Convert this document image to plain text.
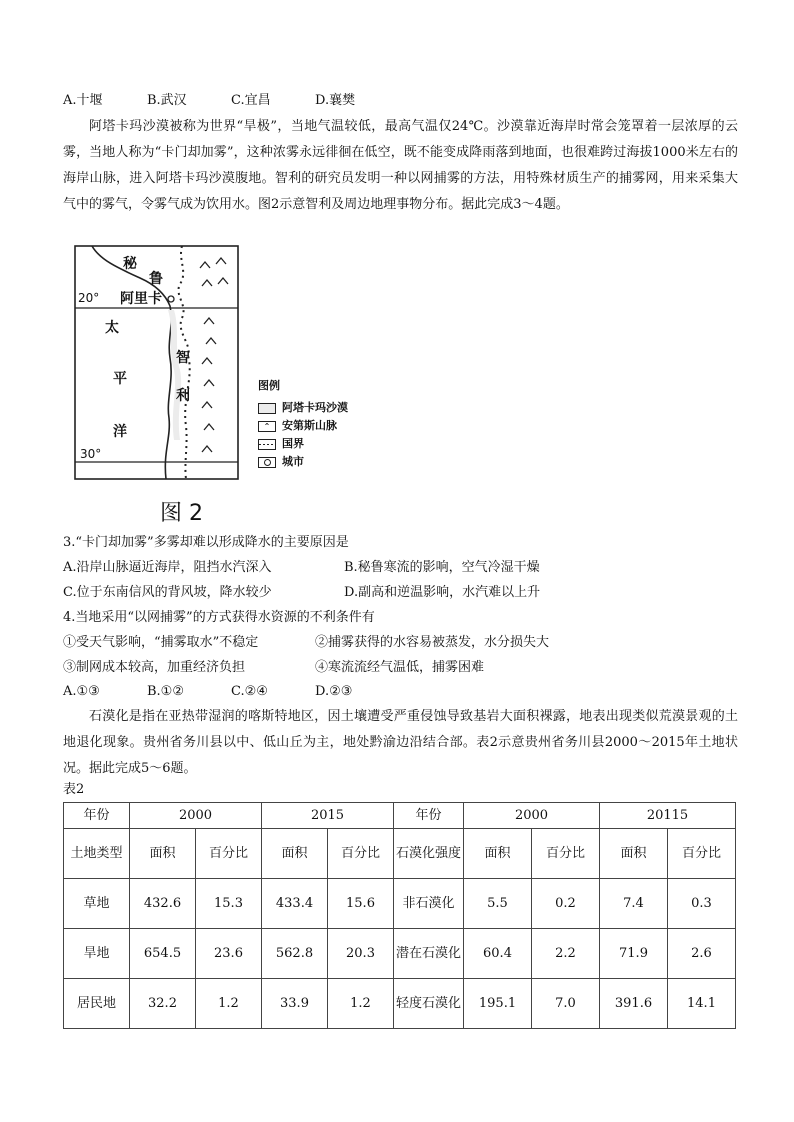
A.十堰	B.武汉	C.宜昌	D.襄樊
阿塔卡玛沙漠被称为世界“旱极”，当地气温较低，最高气温仅24℃。沙漠靠近海岸时常会笼罩着一层浓厚的云雾，当地人称为“卡门却加雾”，这种浓雾永远徘徊在低空，既不能变成降雨落到地面，也很难跨过海拔1000米左右的海岸山脉，进入阿塔卡玛沙漠腹地。智利的研究员发明一种以网捕雾的方法，用特殊材质生产的捕雾网，用来采集大气中的雾气，令雾气成为饮用水。图2示意智利及周边地理事物分布。据此完成3～4题。
秘
鲁
20° 阿里卡
太
平
洋
智
利
30°
图 2
图例
阿塔卡玛沙漠
⌃	安第斯山脉
国界
城市
3.“卡门却加雾”多雾却难以形成降水的主要原因是
A.沿岸山脉逼近海岸，阻挡水汽深入	B.秘鲁寒流的影响，空气冷湿干燥
C.位于东南信风的背风坡，降水较少	D.副高和逆温影响，水汽难以上升
4.当地采用“以网捕雾”的方式获得水资源的不利条件有
①受天气影响，“捕雾取水”不稳定	②捕雾获得的水容易被蒸发，水分损失大
③制网成本较高，加重经济负担	④寒流流经气温低，捕雾困难
A.①③	B.①②	C.②④	D.②③
石漠化是指在亚热带湿润的喀斯特地区，因土壤遭受严重侵蚀导致基岩大面积裸露，地表出现类似荒漠景观的土地退化现象。贵州省务川县以中、低山丘为主，地处黔渝边沿结合部。表2示意贵州省务川县2000～2015年土地状况。据此完成5～6题。
表2
年份	2000		2015		年份	2000		20115	
土地类型	面积	百分比	面积	百分比	石漠化强度	面积	百分比	面积	百分比
草地	432.6	15.3	433.4	15.6	非石漠化	5.5	0.2	7.4	0.3
旱地	654.5	23.6	562.8	20.3	潜在石漠化	60.4	2.2	71.9	2.6
居民地	32.2	1.2	33.9	1.2	轻度石漠化	195.1	7.0	391.6	14.1
